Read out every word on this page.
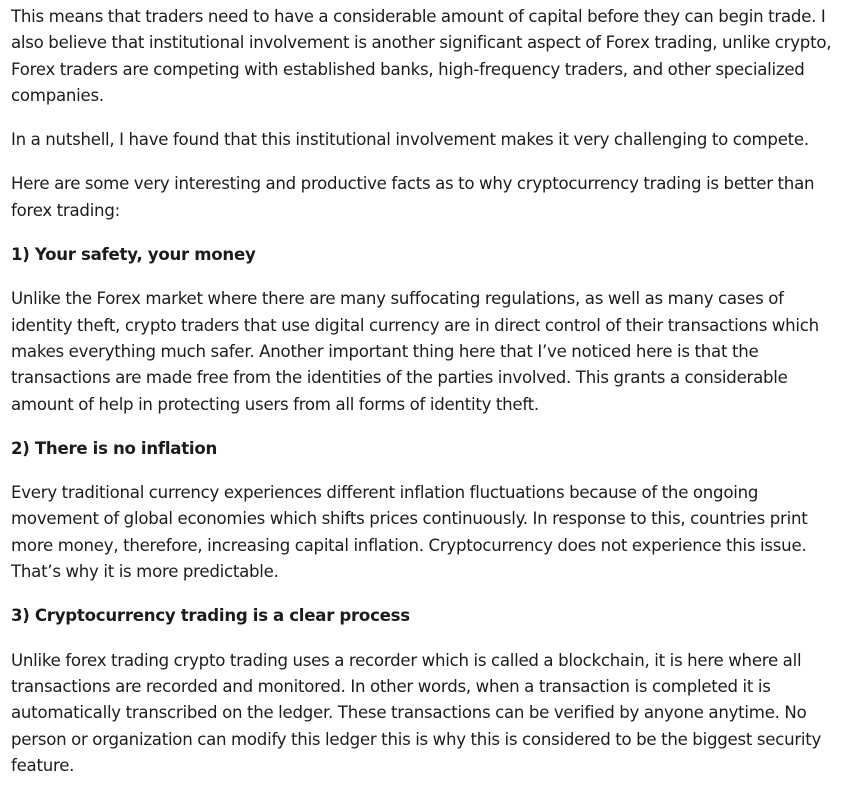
This means that traders need to have a considerable amount of capital before they can begin trade. I also believe that institutional involvement is another significant aspect of Forex trading, unlike crypto, Forex traders are competing with established banks, high-frequency traders, and other specialized companies.

In a nutshell, I have found that this institutional involvement makes it very challenging to compete.

Here are some very interesting and productive facts as to why cryptocurrency trading is better than forex trading:

1) Your safety, your money

Unlike the Forex market where there are many suffocating regulations, as well as many cases of identity theft, crypto traders that use digital currency are in direct control of their transactions which makes everything much safer. Another important thing here that I’ve noticed here is that the transactions are made free from the identities of the parties involved. This grants a considerable amount of help in protecting users from all forms of identity theft.

2) There is no inflation

Every traditional currency experiences different inflation fluctuations because of the ongoing movement of global economies which shifts prices continuously. In response to this, countries print more money, therefore, increasing capital inflation. Cryptocurrency does not experience this issue. That’s why it is more predictable.

3) Cryptocurrency trading is a clear process

Unlike forex trading crypto trading uses a recorder which is called a blockchain, it is here where all transactions are recorded and monitored. In other words, when a transaction is completed it is automatically transcribed on the ledger. These transactions can be verified by anyone anytime. No person or organization can modify this ledger this is why this is considered to be the biggest security feature.
